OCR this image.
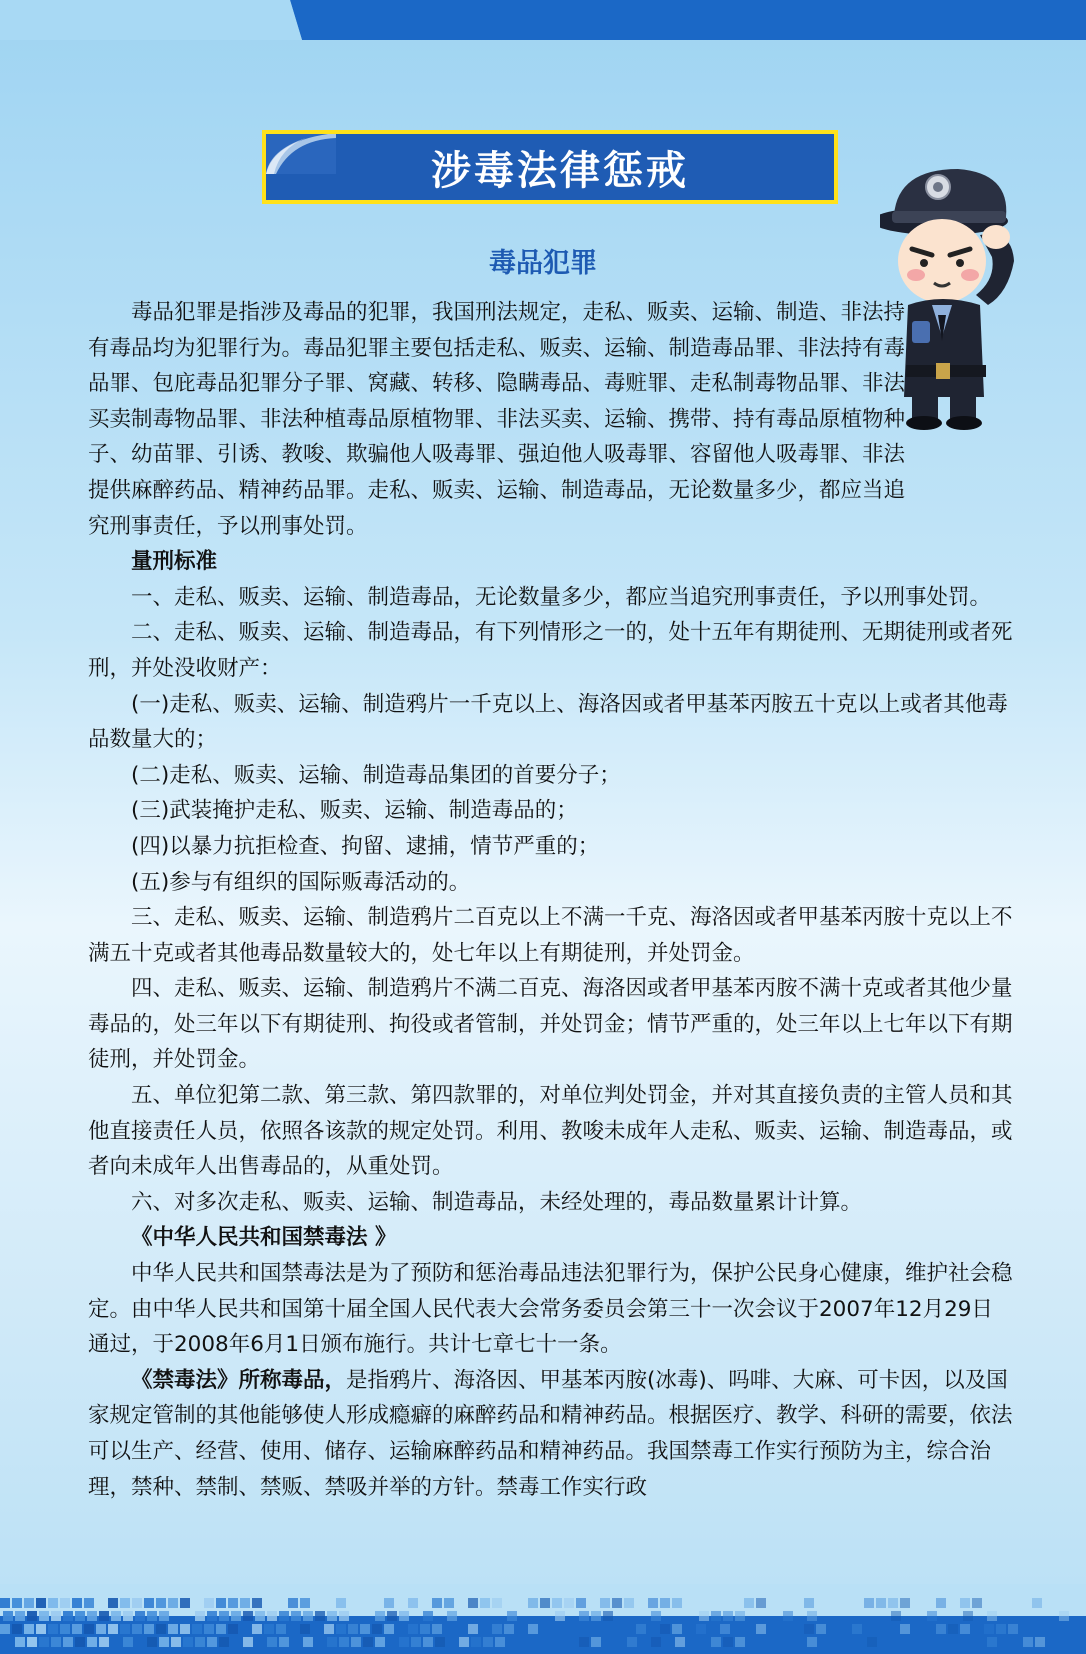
涉毒法律惩戒
毒品犯罪

毒品犯罪是指涉及毒品的犯罪，我国刑法规定，走私、贩卖、运输、制造、非法持有毒品均为犯罪行为。毒品犯罪主要包括走私、贩卖、运输、制造毒品罪、非法持有毒品罪、包庇毒品犯罪分子罪、窝藏、转移、隐瞒毒品、毒赃罪、走私制毒物品罪、非法买卖制毒物品罪、非法种植毒品原植物罪、非法买卖、运输、携带、持有毒品原植物种子、幼苗罪、引诱、教唆、欺骗他人吸毒罪、强迫他人吸毒罪、容留他人吸毒罪、非法提供麻醉药品、精神药品罪。走私、贩卖、运输、制造毒品，无论数量多少，都应当追究刑事责任，予以刑事处罚。

量刑标准

一、走私、贩卖、运输、制造毒品，无论数量多少，都应当追究刑事责任，予以刑事处罚。

二、走私、贩卖、运输、制造毒品，有下列情形之一的，处十五年有期徒刑、无期徒刑或者死刑，并处没收财产：

(一)走私、贩卖、运输、制造鸦片一千克以上、海洛因或者甲基苯丙胺五十克以上或者其他毒品数量大的；

(二)走私、贩卖、运输、制造毒品集团的首要分子；

(三)武装掩护走私、贩卖、运输、制造毒品的；

(四)以暴力抗拒检查、拘留、逮捕，情节严重的；

(五)参与有组织的国际贩毒活动的。

三、走私、贩卖、运输、制造鸦片二百克以上不满一千克、海洛因或者甲基苯丙胺十克以上不满五十克或者其他毒品数量较大的，处七年以上有期徒刑，并处罚金。

四、走私、贩卖、运输、制造鸦片不满二百克、海洛因或者甲基苯丙胺不满十克或者其他少量毒品的，处三年以下有期徒刑、拘役或者管制，并处罚金；情节严重的，处三年以上七年以下有期徒刑，并处罚金。

五、单位犯第二款、第三款、第四款罪的，对单位判处罚金，并对其直接负责的主管人员和其他直接责任人员，依照各该款的规定处罚。利用、教唆未成年人走私、贩卖、运输、制造毒品，或者向未成年人出售毒品的，从重处罚。

六、对多次走私、贩卖、运输、制造毒品，未经处理的，毒品数量累计计算。

《中华人民共和国禁毒法 》

中华人民共和国禁毒法是为了预防和惩治毒品违法犯罪行为，保护公民身心健康，维护社会稳定。由中华人民共和国第十届全国人民代表大会常务委员会第三十一次会议于2007年12月29日通过，于2008年6月1日颁布施行。共计七章七十一条。

《禁毒法》所称毒品，是指鸦片、海洛因、甲基苯丙胺(冰毒)、吗啡、大麻、可卡因，以及国家规定管制的其他能够使人形成瘾癖的麻醉药品和精神药品。根据医疗、教学、科研的需要，依法可以生产、经营、使用、储存、运输麻醉药品和精神药品。我国禁毒工作实行预防为主，综合治理，禁种、禁制、禁贩、禁吸并举的方针。禁毒工作实行政
